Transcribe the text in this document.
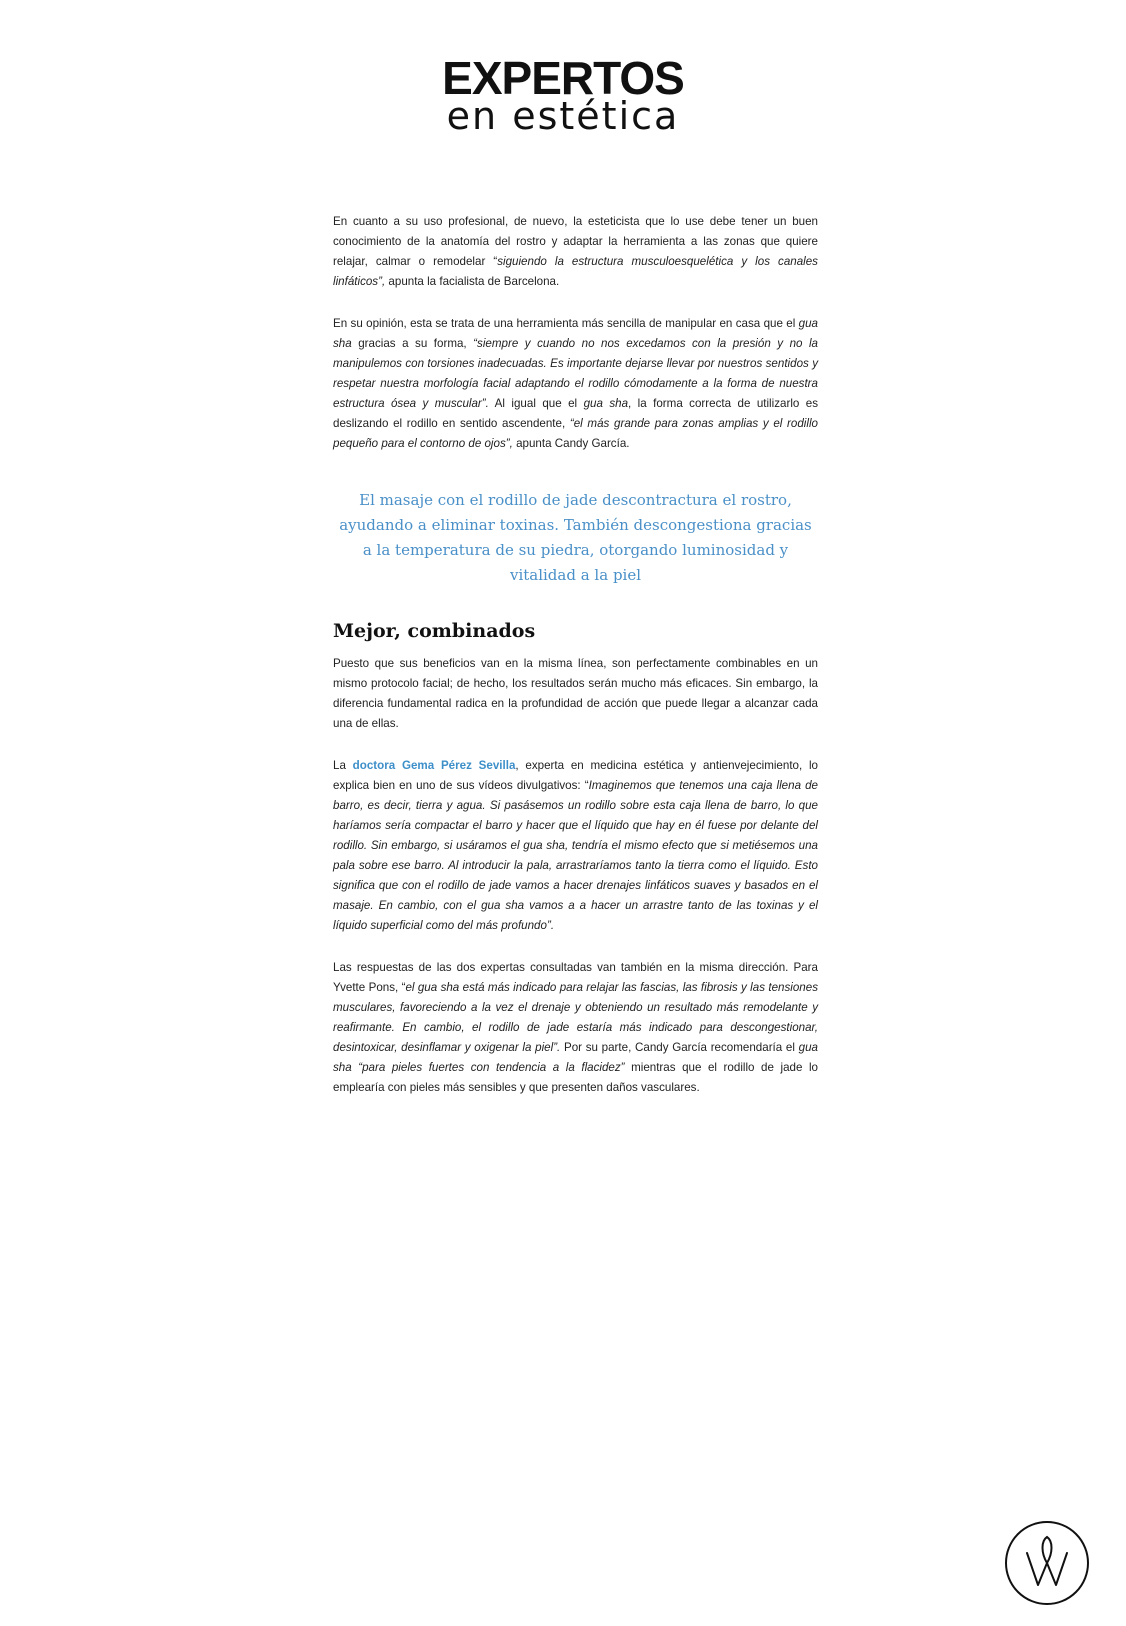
EXPERTOS
en estética

En cuanto a su uso profesional, de nuevo, la esteticista que lo use debe tener un buen conocimiento de la anatomía del rostro y adaptar la herramienta a las zonas que quiere relajar, calmar o remodelar “siguiendo la estructura musculoesquelética y los canales linfáticos”, apunta la facialista de Barcelona.

En su opinión, esta se trata de una herramienta más sencilla de manipular en casa que el gua sha gracias a su forma, “siempre y cuando no nos excedamos con la presión y no la manipulemos con torsiones inadecuadas. Es importante dejarse llevar por nuestros sentidos y respetar nuestra morfología facial adaptando el rodillo cómodamente a la forma de nuestra estructura ósea y muscular”. Al igual que el gua sha, la forma correcta de utilizarlo es deslizando el rodillo en sentido ascendente, “el más grande para zonas amplias y el rodillo pequeño para el contorno de ojos”, apunta Candy García.

El masaje con el rodillo de jade descontractura el rostro, ayudando a eliminar toxinas. También descongestiona gracias a la temperatura de su piedra, otorgando luminosidad y vitalidad a la piel
Mejor, combinados

Puesto que sus beneficios van en la misma línea, son perfectamente combinables en un mismo protocolo facial; de hecho, los resultados serán mucho más eficaces. Sin embargo, la diferencia fundamental radica en la profundidad de acción que puede llegar a alcanzar cada una de ellas.

La doctora Gema Pérez Sevilla, experta en medicina estética y antienvejecimiento, lo explica bien en uno de sus vídeos divulgativos: “Imaginemos que tenemos una caja llena de barro, es decir, tierra y agua. Si pasásemos un rodillo sobre esta caja llena de barro, lo que haríamos sería compactar el barro y hacer que el líquido que hay en él fuese por delante del rodillo. Sin embargo, si usáramos el gua sha, tendría el mismo efecto que si metiésemos una pala sobre ese barro. Al introducir la pala, arrastraríamos tanto la tierra como el líquido. Esto significa que con el rodillo de jade vamos a hacer drenajes linfáticos suaves y basados en el masaje. En cambio, con el gua sha vamos a a hacer un arrastre tanto de las toxinas y el líquido superficial como del más profundo”.

Las respuestas de las dos expertas consultadas van también en la misma dirección. Para Yvette Pons, “el gua sha está más indicado para relajar las fascias, las fibrosis y las tensiones musculares, favoreciendo a la vez el drenaje y obteniendo un resultado más remodelante y reafirmante. En cambio, el rodillo de jade estaría más indicado para descongestionar, desintoxicar, desinflamar y oxigenar la piel”. Por su parte, Candy García recomendaría el gua sha “para pieles fuertes con tendencia a la flacidez” mientras que el rodillo de jade lo emplearía con pieles más sensibles y que presenten daños vasculares.
